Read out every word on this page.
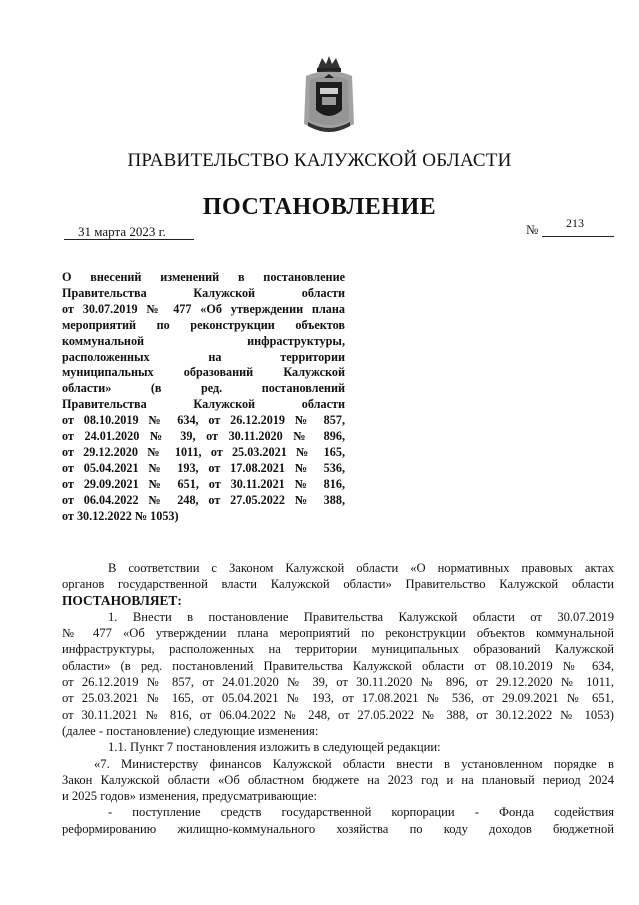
ПРАВИТЕЛЬСТВО КАЛУЖСКОЙ ОБЛАСТИ
ПОСТАНОВЛЕНИЕ
31 марта 2023 г.	№ 213
О внесений изменений в постановление
Правительства Калужской области
от 30.07.2019 № 477 «Об утверждении плана
мероприятий по реконструкции объектов
коммунальной инфраструктуры,
расположенных на территории
муниципальных образований Калужской
области» (в ред. постановлений
Правительства Калужской области
от 08.10.2019 № 634, от 26.12.2019 № 857,
от 24.01.2020 № 39, от 30.11.2020 № 896,
от 29.12.2020 № 1011, от 25.03.2021 № 165,
от 05.04.2021 № 193, от 17.08.2021 № 536,
от 29.09.2021 № 651, от 30.11.2021 № 816,
от 06.04.2022 № 248, от 27.05.2022 № 388,
от 30.12.2022 № 1053)

В соответствии с Законом Калужской области «О нормативных правовых актах
органов государственной власти Калужской области» Правительство Калужской области
ПОСТАНОВЛЯЕТ:

1. Внести в постановление Правительства Калужской области от 30.07.2019
№ 477 «Об утверждении плана мероприятий по реконструкции объектов коммунальной
инфраструктуры, расположенных на территории муниципальных образований Калужской
области» (в ред. постановлений Правительства Калужской области от 08.10.2019 № 634,
от 26.12.2019 № 857, от 24.01.2020 № 39, от 30.11.2020 № 896, от 29.12.2020 № 1011,
от 25.03.2021 № 165, от 05.04.2021 № 193, от 17.08.2021 № 536, от 29.09.2021 № 651,
от 30.11.2021 № 816, от 06.04.2022 № 248, от 27.05.2022 № 388, от 30.12.2022 № 1053)
(далее - постановление) следующие изменения:

1.1. Пункт 7 постановления изложить в следующей редакции:

«7. Министерству финансов Калужской области внести в установленном порядке в
Закон Калужской области «Об областном бюджете на 2023 год и на плановый период 2024
и 2025 годов» изменения, предусматривающие:

- поступление средств государственной корпорации - Фонда содействия
реформированию жилищно-коммунального хозяйства по коду доходов бюджетной
